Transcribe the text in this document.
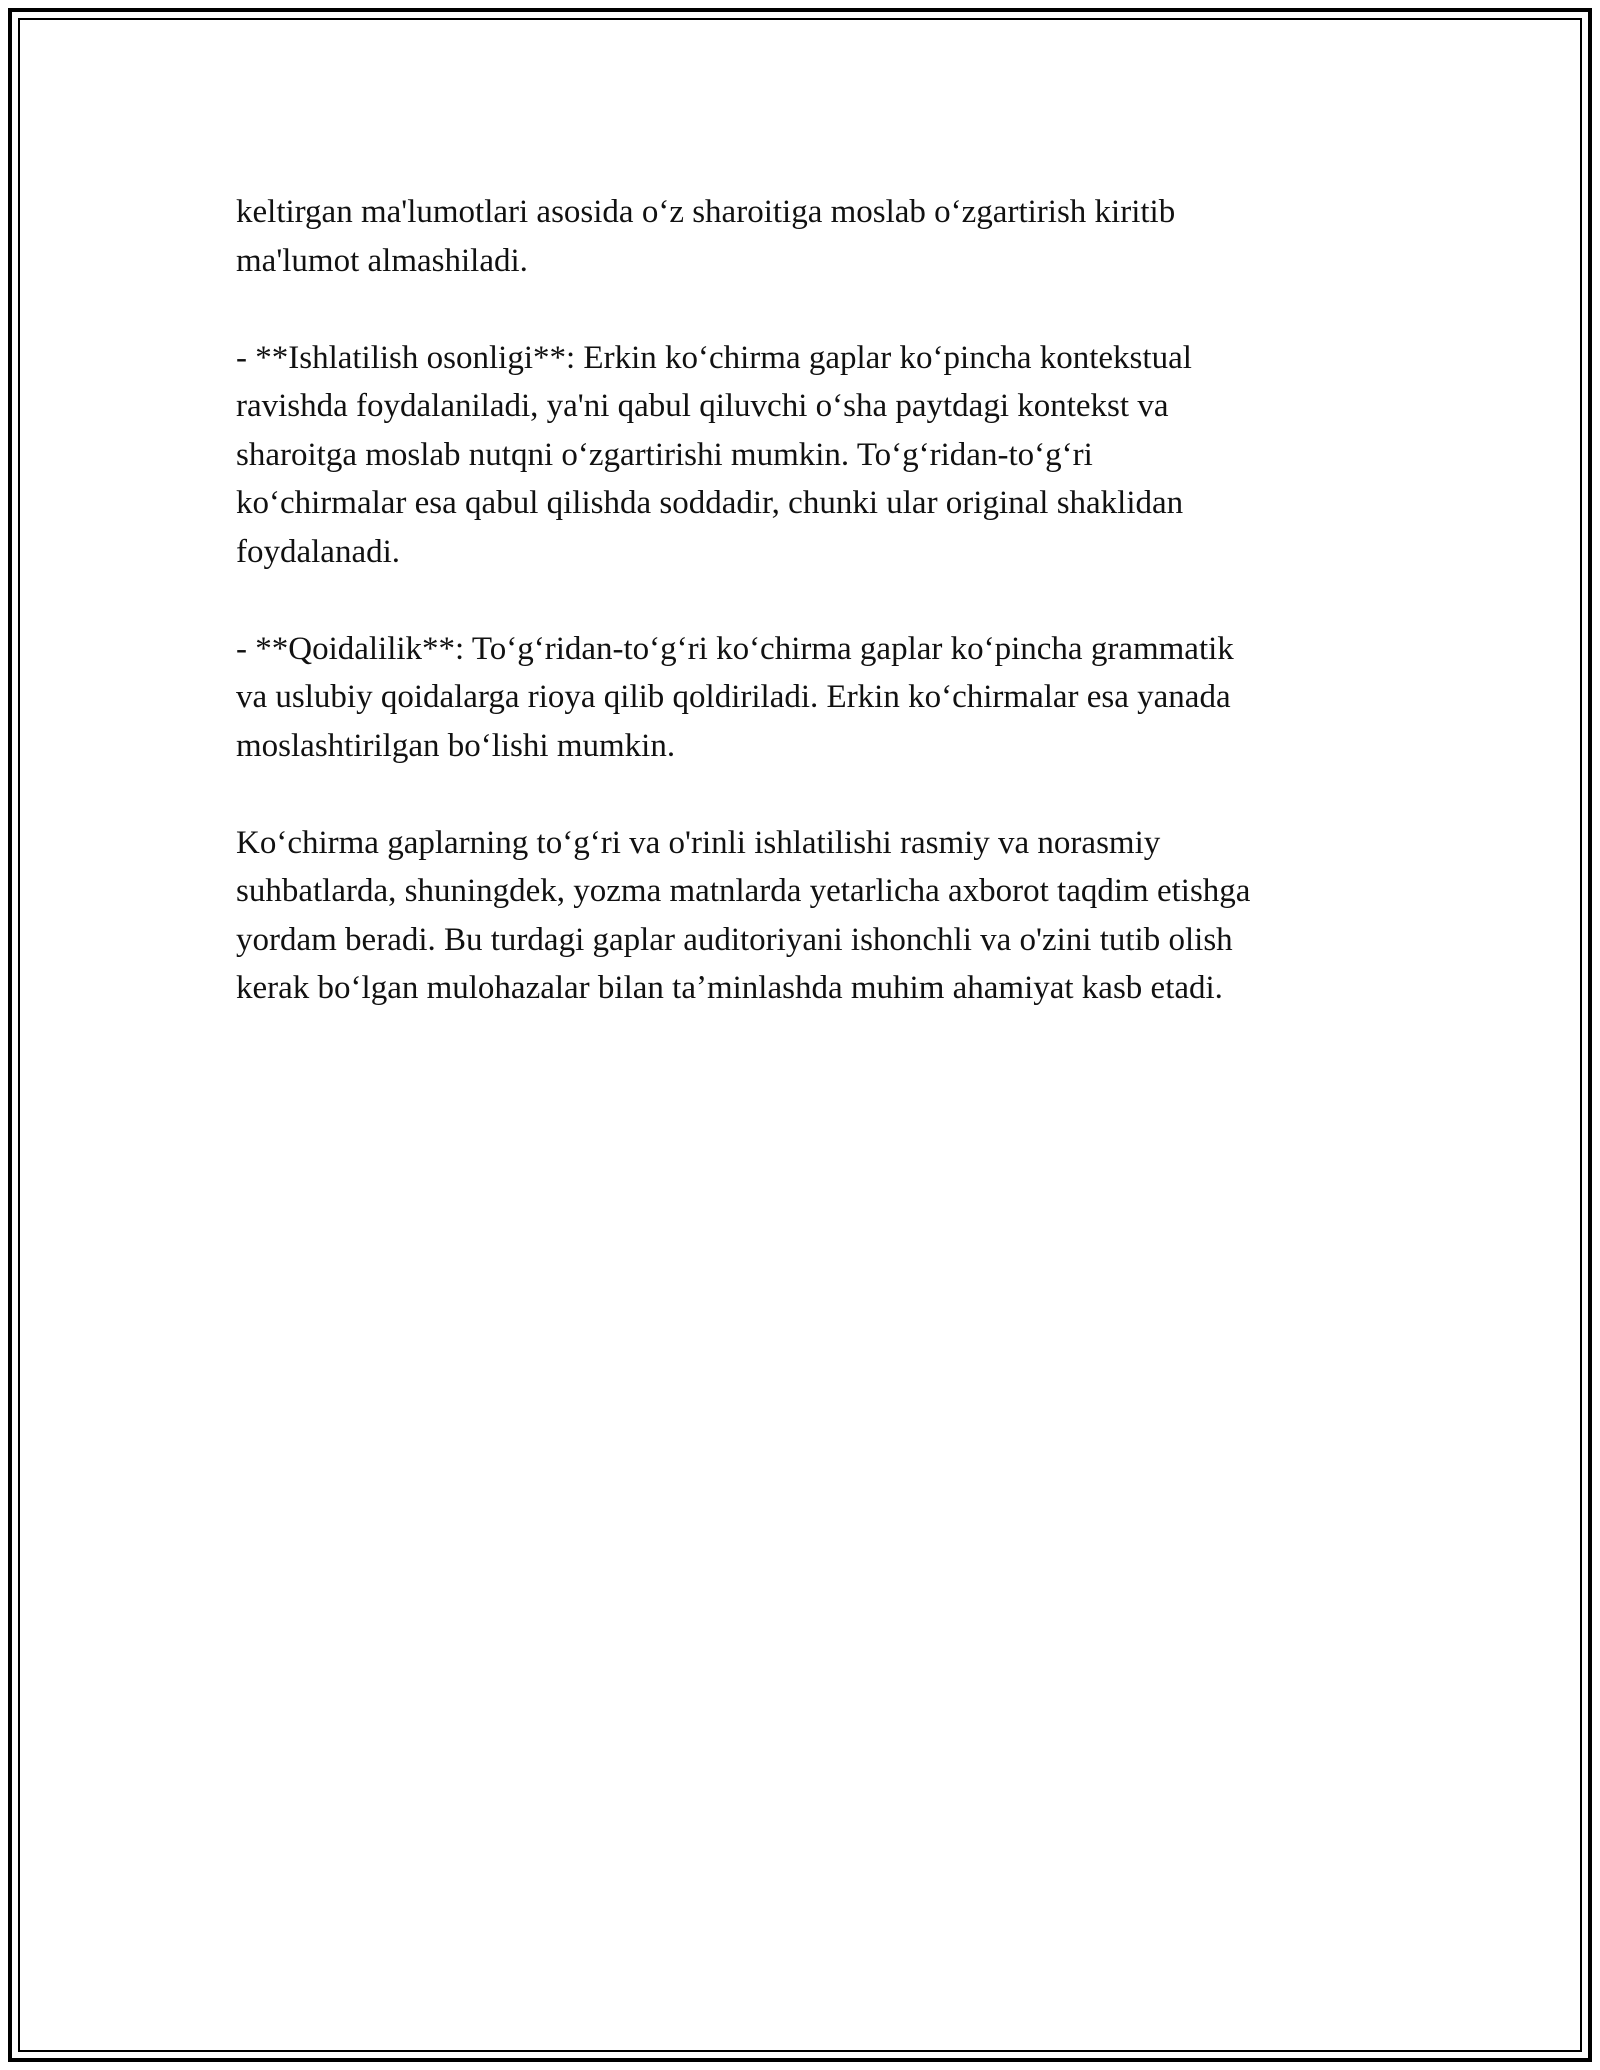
keltirgan ma'lumotlari asosida oʻz sharoitiga moslab oʻzgartirish kiritib
ma'lumot almashiladi.

- **Ishlatilish osonligi**: Erkin koʻchirma gaplar koʻpincha kontekstual
ravishda foydalaniladi, ya'ni qabul qiluvchi oʻsha paytdagi kontekst va
sharoitga moslab nutqni oʻzgartirishi mumkin. Toʻgʻridan-toʻgʻri
koʻchirmalar esa qabul qilishda soddadir, chunki ular original shaklidan
foydalanadi.

- **Qoidalilik**: Toʻgʻridan-toʻgʻri koʻchirma gaplar koʻpincha grammatik
va uslubiy qoidalarga rioya qilib qoldiriladi. Erkin koʻchirmalar esa yanada
moslashtirilgan boʻlishi mumkin.

Koʻchirma gaplarning toʻgʻri va o'rinli ishlatilishi rasmiy va norasmiy
suhbatlarda, shuningdek, yozma matnlarda yetarlicha axborot taqdim etishga
yordam beradi. Bu turdagi gaplar auditoriyani ishonchli va o'zini tutib olish
kerak boʻlgan mulohazalar bilan taʼminlashda muhim ahamiyat kasb etadi.
